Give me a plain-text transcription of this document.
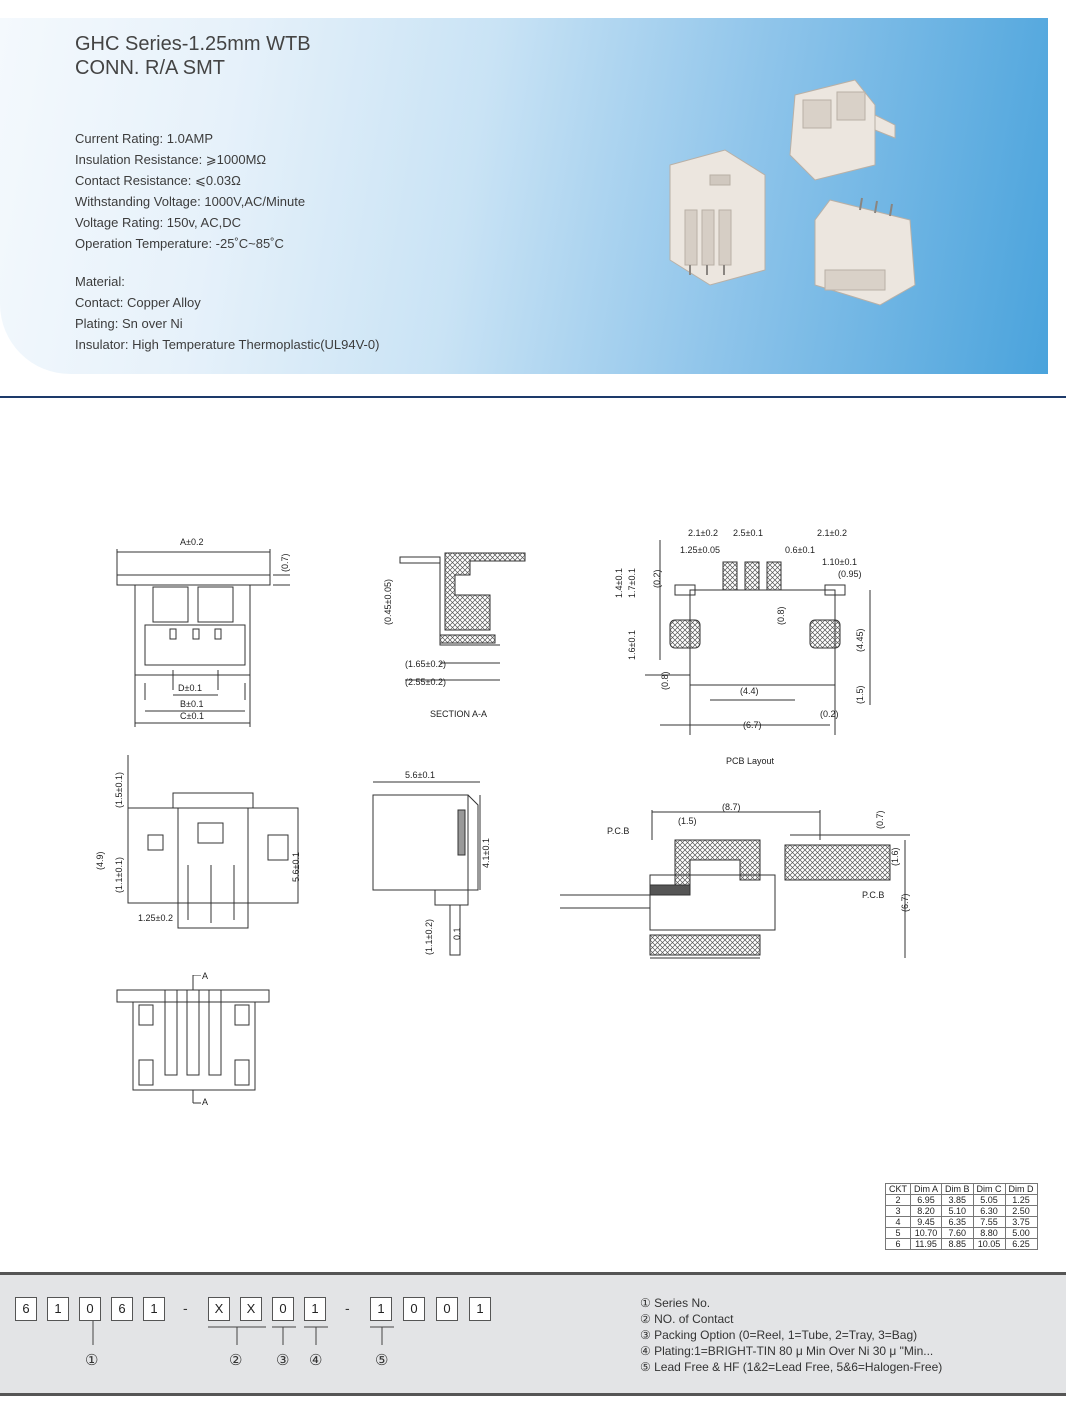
GHC Series-1.25mm WTB
CONN. R/A SMT
Current Rating: 1.0AMP
Insulation Resistance: ⩾1000MΩ
Contact Resistance: ⩽0.03Ω
Withstanding Voltage: 1000V,AC/Minute
Voltage Rating: 150v, AC,DC
Operation Temperature: -25˚C~85˚C
Material:
Contact: Copper Alloy
Plating: Sn over Ni
Insulator: High Temperature Thermoplastic(UL94V-0)
A±0.2
(0.7)
D±0.1
B±0.1
C±0.1
(0.45±0.05)
(1.65±0.2)
(2.55±0.2)
SECTION A-A
2.1±0.2 2.5±0.1	2.1±0.2
1.25±0.05	0.6±0.1
1.10±0.1
(0.95)
1.4±0.1 1.7±0.1 (0.2)
(0.8)
1.6±0.1
(0.8)
(4.45)
(1.5)
(4.4)
(0.2)
(6.7)
PCB Layout
(1.5±0.1)
(4.9) (1.1±0.1)	5.6±0.1
1.25±0.2
5.6±0.1
4.1±0.1
(1.1±0.2) 0.1
(8.7)
(1.5)	(0.7)
(1.6)
(6.7)
P.C.B
P.C.B
A
A
CKT	Dim A	Dim B	Dim C	Dim D
2	6.95	3.85	5.05	1.25
3	8.20	5.10	6.30	2.50
4	9.45	6.35	7.55	3.75
5	10.70	7.60	8.80	5.00
6	11.95	8.85	10.05	6.25
6	1	0	6	1	-	X	X	0	1	-	1	0	0	1
①	② ③ ④	⑤
① Series No.
② NO. of Contact
③ Packing Option (0=Reel, 1=Tube, 2=Tray, 3=Bag)
④ Plating:1=BRIGHT-TIN 80 μ Min Over Ni 30 μ "Min...
⑤ Lead Free & HF (1&2=Lead Free, 5&6=Halogen-Free)
